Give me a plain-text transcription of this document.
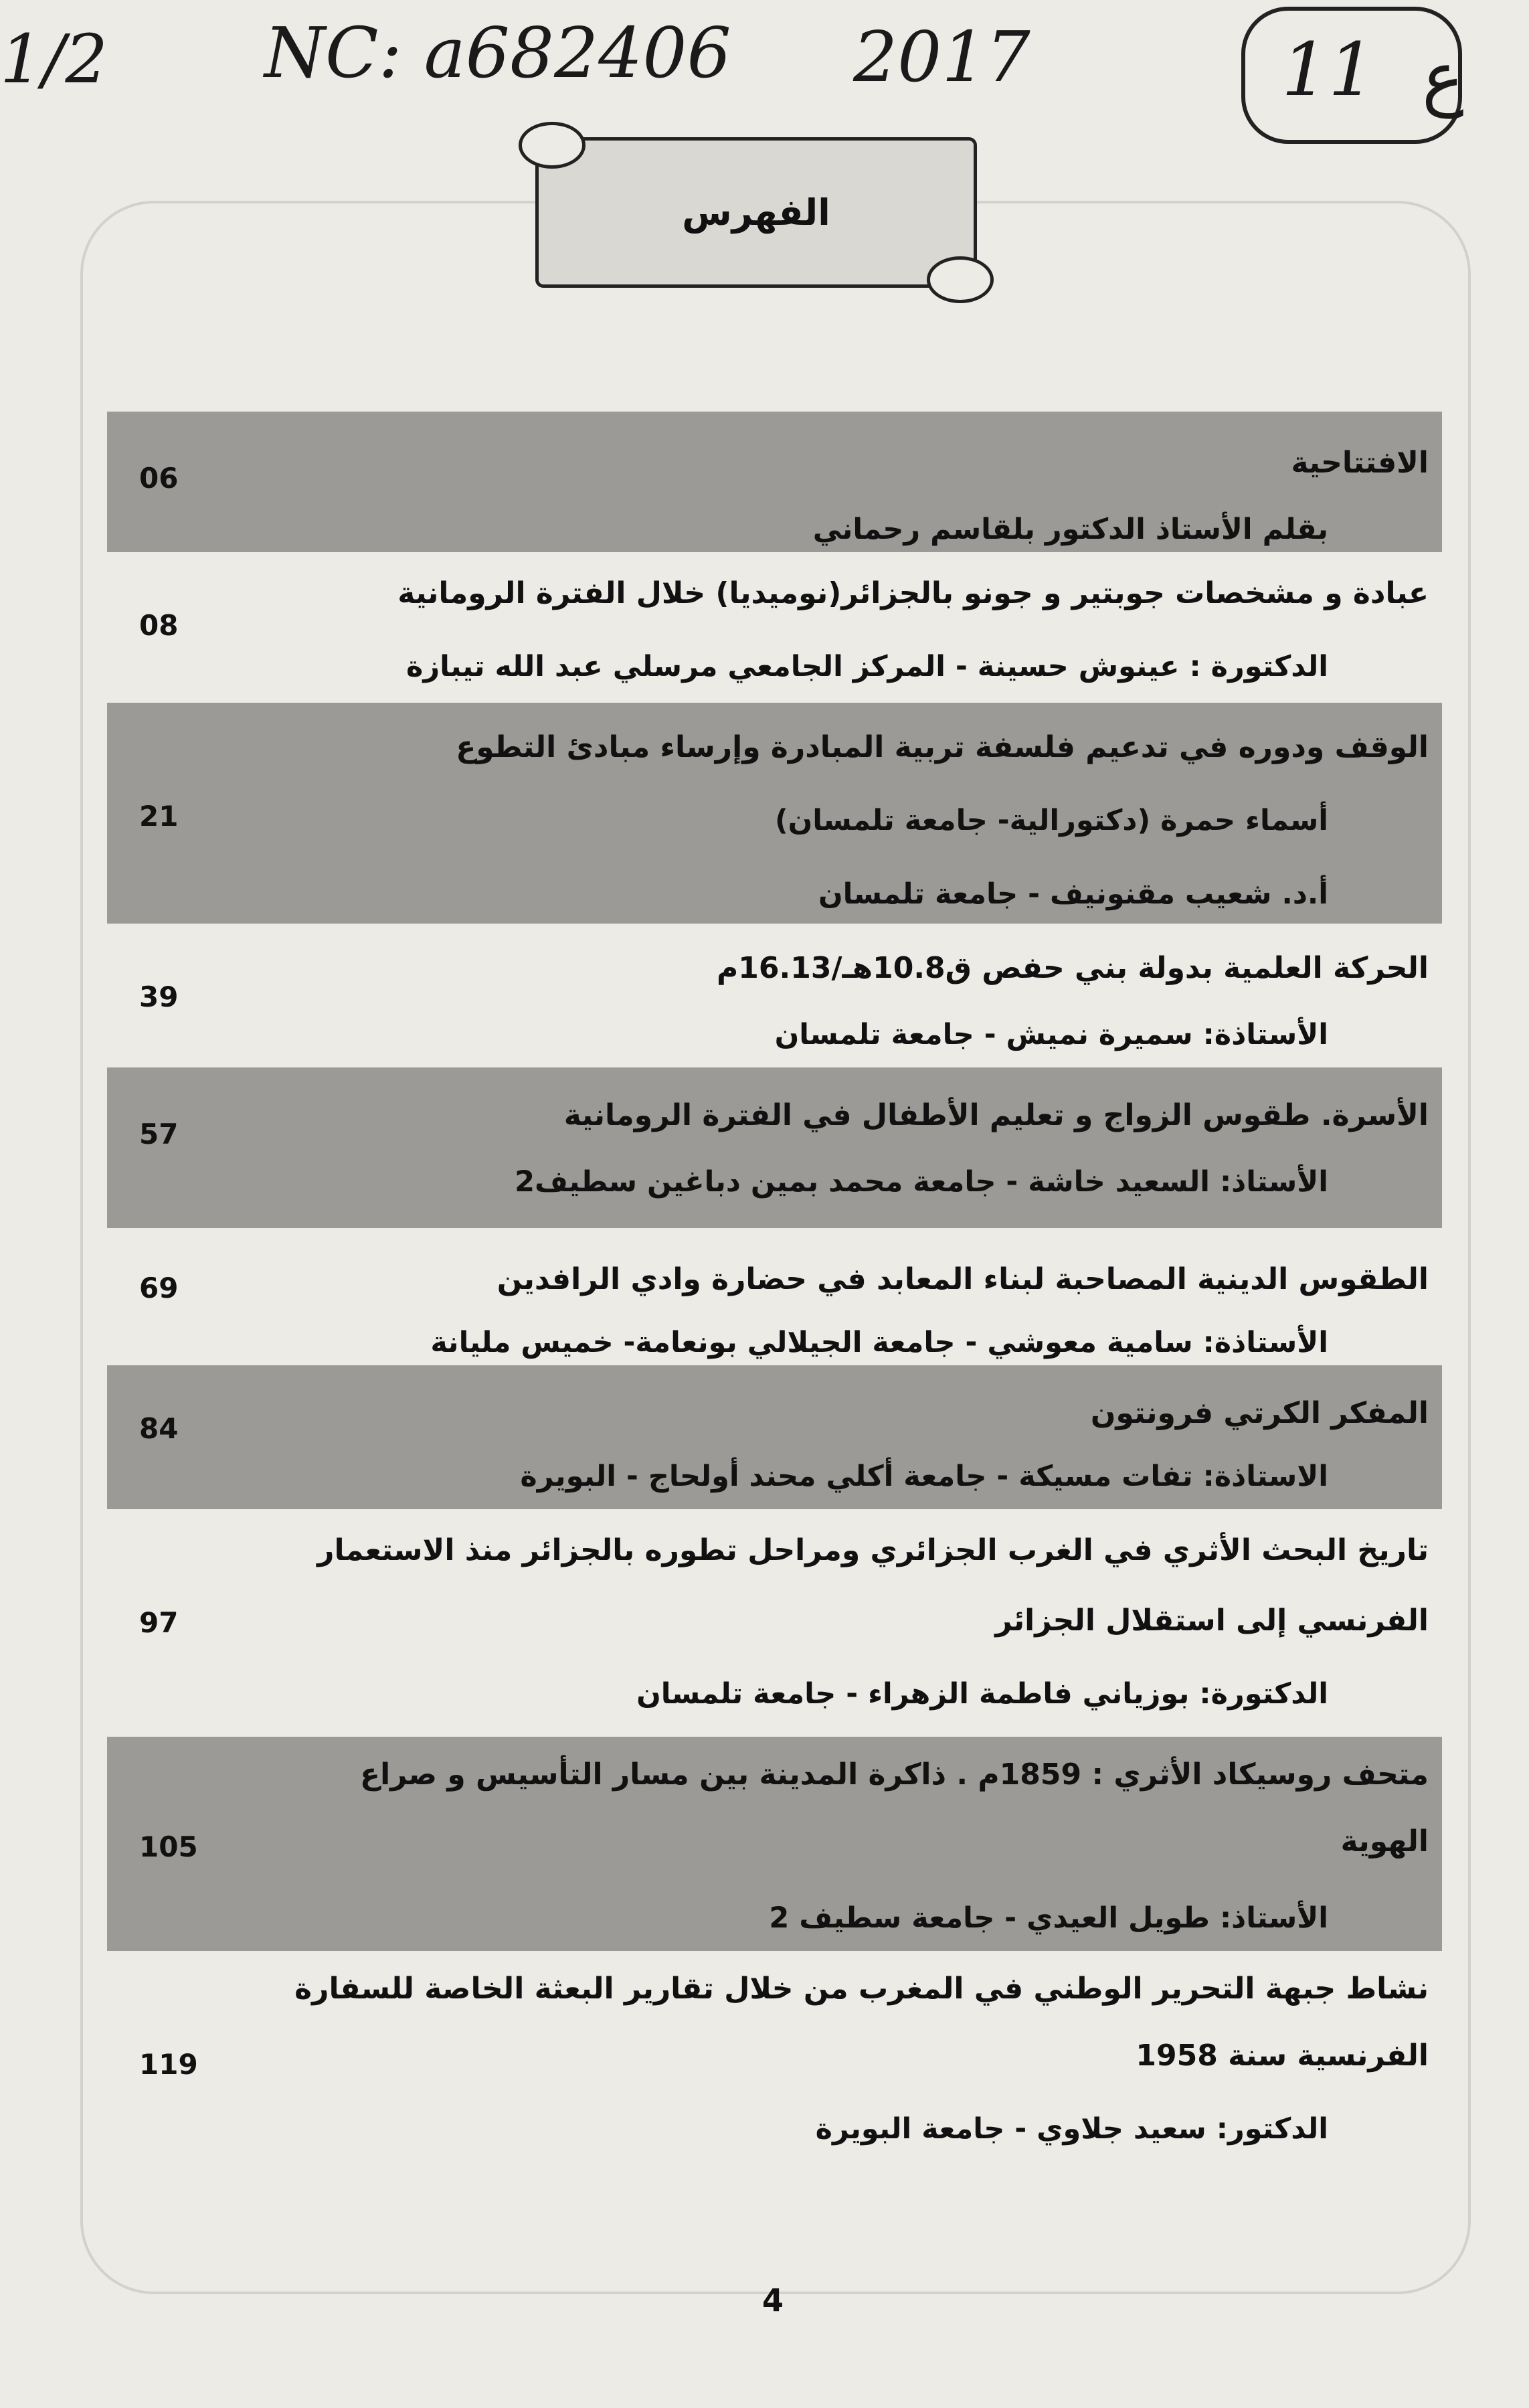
1/2 NC: a682406 2017	11 ع
الفهرس
الافتتاحية
بقلم الأستاذ الدكتور بلقاسم رحماني
06
عبادة و مشخصات جوبتير و جونو بالجزائر(نوميديا) خلال الفترة الرومانية
الدكتورة : عينوش حسينة - المركز الجامعي مرسلي عبد الله تيبازة
08
الوقف ودوره في تدعيم فلسفة تربية المبادرة وإرساء مبادئ التطوع
أسماء حمرة (دكتورالية- جامعة تلمسان)
أ.د. شعيب مقنونيف - جامعة تلمسان
21
الحركة العلمية بدولة بني حفص ق10.8هـ/16.13م
الأستاذة: سميرة نميش - جامعة تلمسان
39
الأسرة. طقوس الزواج و تعليم الأطفال في الفترة الرومانية
الأستاذ: السعيد خاشة - جامعة محمد بمين دباغين سطيف2
57
الطقوس الدينية المصاحبة لبناء المعابد في حضارة وادي الرافدين
الأستاذة: سامية معوشي - جامعة الجيلالي بونعامة- خميس مليانة
69
المفكر الكرتي فرونتون
الاستاذة: تفات مسيكة - جامعة أكلي محند أولحاج - البويرة
84
تاريخ البحث الأثري في الغرب الجزائري ومراحل تطوره بالجزائر منذ الاستعمار
الفرنسي إلى استقلال الجزائر
الدكتورة: بوزياني فاطمة الزهراء - جامعة تلمسان
97
متحف روسيكاد الأثري : 1859م . ذاكرة المدينة بين مسار التأسيس و صراع
الهوية
الأستاذ: طويل العيدي - جامعة سطيف 2
105
نشاط جبهة التحرير الوطني في المغرب من خلال تقارير البعثة الخاصة للسفارة
الفرنسية سنة 1958
الدكتور: سعيد جلاوي - جامعة البويرة
119
4
